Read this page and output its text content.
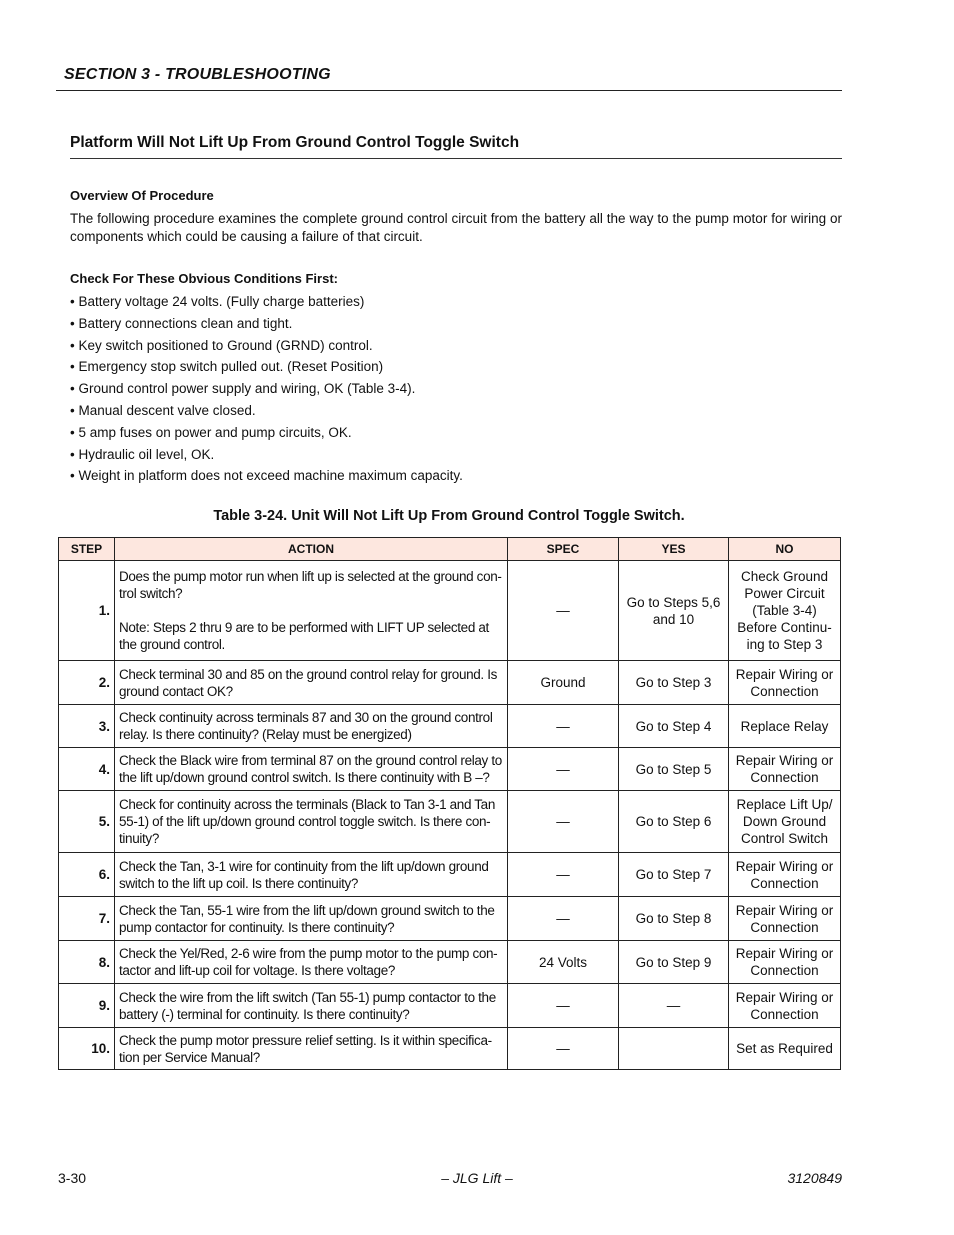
SECTION 3 - TROUBLESHOOTING
Platform Will Not Lift Up From Ground Control Toggle Switch
Overview Of Procedure
The following procedure examines the complete ground control circuit from the battery all the way to the pump motor for wiring or components which could be causing a failure of that circuit.
Check For These Obvious Conditions First:
• Battery voltage 24 volts. (Fully charge batteries)
• Battery connections clean and tight.
• Key switch positioned to Ground (GRND) control.
• Emergency stop switch pulled out. (Reset Position)
• Ground control power supply and wiring, OK (Table 3-4).
• Manual descent valve closed.
• 5 amp fuses on power and pump circuits, OK.
• Hydraulic oil level, OK.
• Weight in platform does not exceed machine maximum capacity.
Table 3-24. Unit Will Not Lift Up From Ground Control Toggle Switch.
STEP	ACTION	SPEC	YES	NO
1.	Does the pump motor run when lift up is selected at the ground con-trol switch?
Note: Steps 2 thru 9 are to be performed with LIFT UP selected at the ground control.	—	Go to Steps 5,6 and 10	Check Ground Power Circuit (Table 3-4) Before Continu-ing to Step 3
2.	Check terminal 30 and 85 on the ground control relay for ground. Is ground contact OK?	Ground	Go to Step 3	Repair Wiring or Connection
3.	Check continuity across terminals 87 and 30 on the ground control relay. Is there continuity? (Relay must be energized)	—	Go to Step 4	Replace Relay
4.	Check the Black wire from terminal 87 on the ground control relay to the lift up/down ground control switch. Is there continuity with B –?	—	Go to Step 5	Repair Wiring or Connection
5.	Check for continuity across the terminals (Black to Tan 3-1 and Tan 55-1) of the lift up/down ground control toggle switch. Is there con-tinuity?	—	Go to Step 6	Replace Lift Up/ Down Ground Control Switch
6.	Check the Tan, 3-1 wire for continuity from the lift up/down ground switch to the lift up coil. Is there continuity?	—	Go to Step 7	Repair Wiring or Connection
7.	Check the Tan, 55-1 wire from the lift up/down ground switch to the pump contactor for continuity. Is there continuity?	—	Go to Step 8	Repair Wiring or Connection
8.	Check the Yel/Red, 2-6 wire from the pump motor to the pump con-tactor and lift-up coil for voltage. Is there voltage?	24 Volts	Go to Step 9	Repair Wiring or Connection
9.	Check the wire from the lift switch (Tan 55-1) pump contactor to the battery (-) terminal for continuity. Is there continuity?	—	—	Repair Wiring or Connection
10.	Check the pump motor pressure relief setting. Is it within specifica-tion per Service Manual?	—		Set as Required
3-30	– JLG Lift –	3120849
